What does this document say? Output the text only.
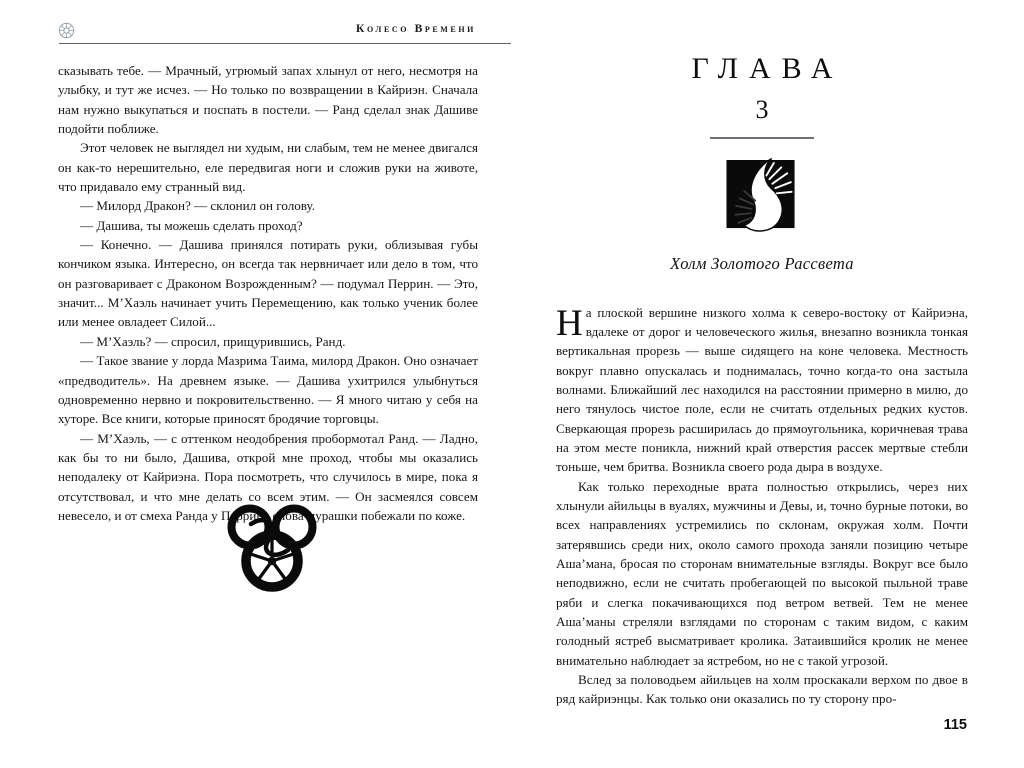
Колесо Времени

сказывать тебе. — Мрачный, угрюмый запах хлынул от него, несмотря на улыбку, и тут же исчез. — Но только по возвращении в Кайриэн. Сначала нам нужно выкупаться и поспать в постели. — Ранд сделал знак Дашиве подойти поближе.

Этот человек не выглядел ни худым, ни слабым, тем не менее двигался он как-то нерешительно, еле передвигая ноги и сложив руки на животе, что придавало ему странный вид.

— Милорд Дракон? — склонил он голову.

— Дашива, ты можешь сделать проход?

— Конечно. — Дашива принялся потирать руки, облизывая губы кончиком языка. Интересно, он всегда так нервничает или дело в том, что он разговаривает с Драконом Возрожденным? — подумал Перрин. — Это, значит... М’Хаэль начинает учить Перемещению, как только ученик более или менее овладеет Силой...

— М’Хаэль? — спросил, прищурившись, Ранд.

— Такое звание у лорда Мазрима Таима, милорд Дракон. Оно означает «предводитель». На древнем языке. — Дашива ухитрился улыбнуться одновременно нервно и покровительственно. — Я много читаю у себя на хуторе. Все книги, которые приносят бродячие торговцы.

— М’Хаэль, — с оттенком неодобрения пробормотал Ранд. — Ладно, как бы то ни было, Дашива, открой мне проход, чтобы мы оказались неподалеку от Кайриэна. Пора посмотреть, что случилось в мире, пока я отсутствовал, и что мне делать со всем этим. — Он засмеялся совсем невесело, и от смеха Ранда у Перрина снова мурашки побежали по коже.

ГЛАВА
3
Холм Золотого Рассвета

На плоской вершине низкого холма к северо-востоку от Кайриэна, вдалеке от дорог и человеческого жилья, внезапно возникла тонкая вертикальная прорезь — выше сидящего на коне человека. Местность вокруг плавно опускалась и поднималась, точно когда-то она застыла волнами. Ближайший лес находился на расстоянии примерно в милю, до него тянулось чистое поле, если не считать отдельных редких кустов. Сверкающая прорезь расширилась до прямоугольника, коричневая трава на этом месте поникла, нижний край отверстия рассек мертвые стебли тоньше, чем бритва. Возникла своего рода дыра в воздухе.

Как только переходные врата полностью открылись, через них хлынули айильцы в вуалях, мужчины и Девы, и, точно бурные потоки, во всех направлениях устремились по склонам, окружая холм. Почти затерявшись среди них, около самого прохода заняли позицию четыре Аша’мана, бросая по сторонам внимательные взгляды. Вокруг все было неподвижно, если не считать пробегающей по высокой пыльной траве ряби и слегка покачивающихся под ветром ветвей. Тем не менее Аша’маны стреляли взглядами по сторонам с таким видом, с каким голодный ястреб высматривает кролика. Затаившийся кролик не менее внимательно наблюдает за ястребом, но не с такой угрозой.

Вслед за половодьем айильцев на холм проскакали верхом по двое в ряд кайриэнцы. Как только они оказались по ту сторону про-

115
